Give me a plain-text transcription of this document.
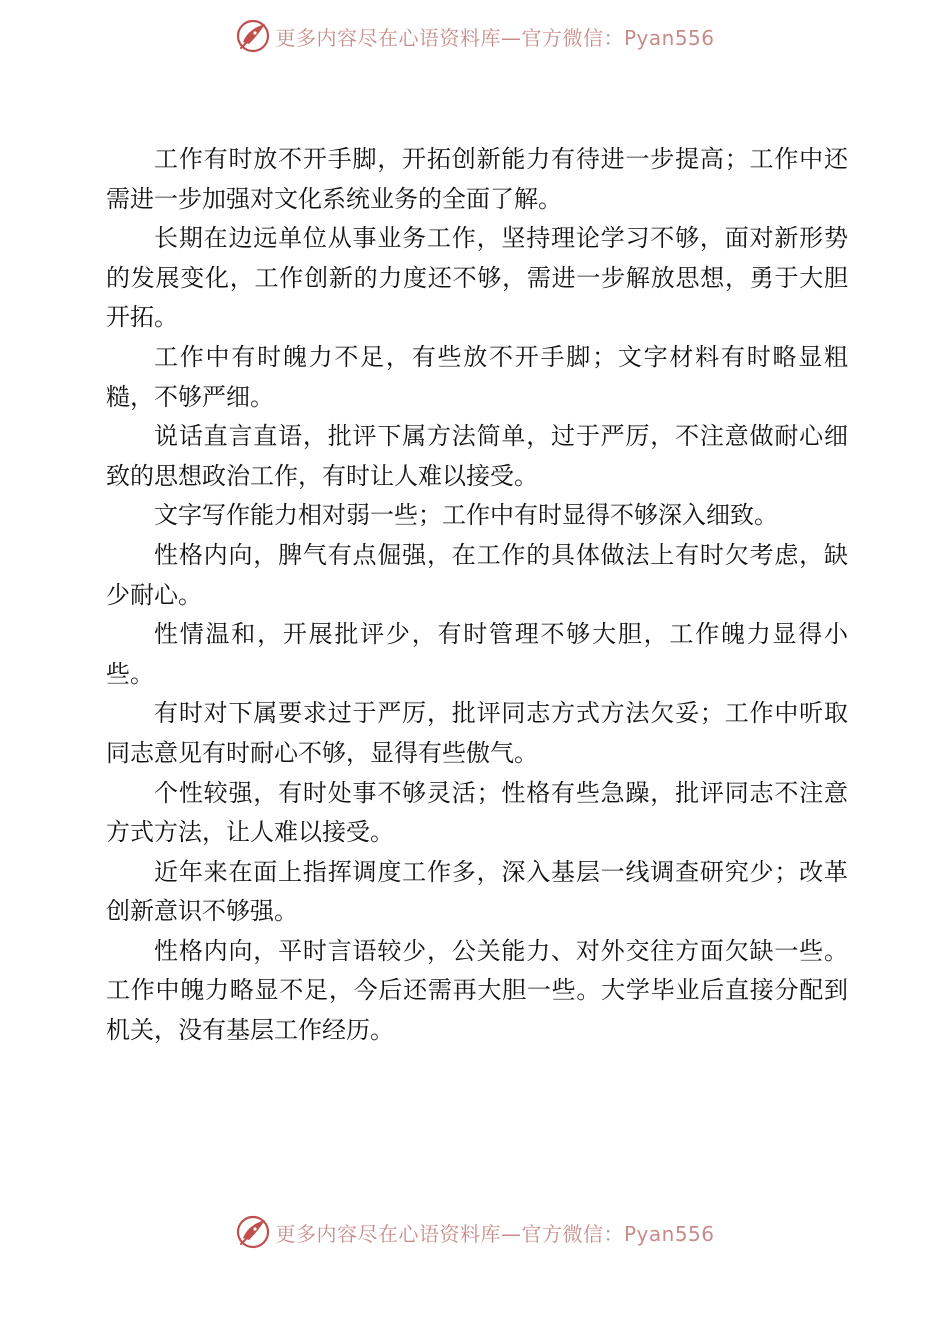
更多内容尽在心语资料库—官方微信：Pyan556

工作有时放不开手脚，开拓创新能力有待进一步提高；工作中还需进一步加强对文化系统业务的全面了解。

长期在边远单位从事业务工作，坚持理论学习不够，面对新形势的发展变化，工作创新的力度还不够，需进一步解放思想，勇于大胆开拓。

工作中有时魄力不足，有些放不开手脚；文字材料有时略显粗糙，不够严细。

说话直言直语，批评下属方法简单，过于严厉，不注意做耐心细致的思想政治工作，有时让人难以接受。

文字写作能力相对弱一些；工作中有时显得不够深入细致。

性格内向，脾气有点倔强，在工作的具体做法上有时欠考虑，缺少耐心。

性情温和，开展批评少，有时管理不够大胆，工作魄力显得小些。

有时对下属要求过于严厉，批评同志方式方法欠妥；工作中听取同志意见有时耐心不够，显得有些傲气。

个性较强，有时处事不够灵活；性格有些急躁，批评同志不注意方式方法，让人难以接受。

近年来在面上指挥调度工作多，深入基层一线调查研究少；改革创新意识不够强。

性格内向，平时言语较少，公关能力、对外交往方面欠缺一些。工作中魄力略显不足，今后还需再大胆一些。大学毕业后直接分配到机关，没有基层工作经历。

更多内容尽在心语资料库—官方微信：Pyan556
